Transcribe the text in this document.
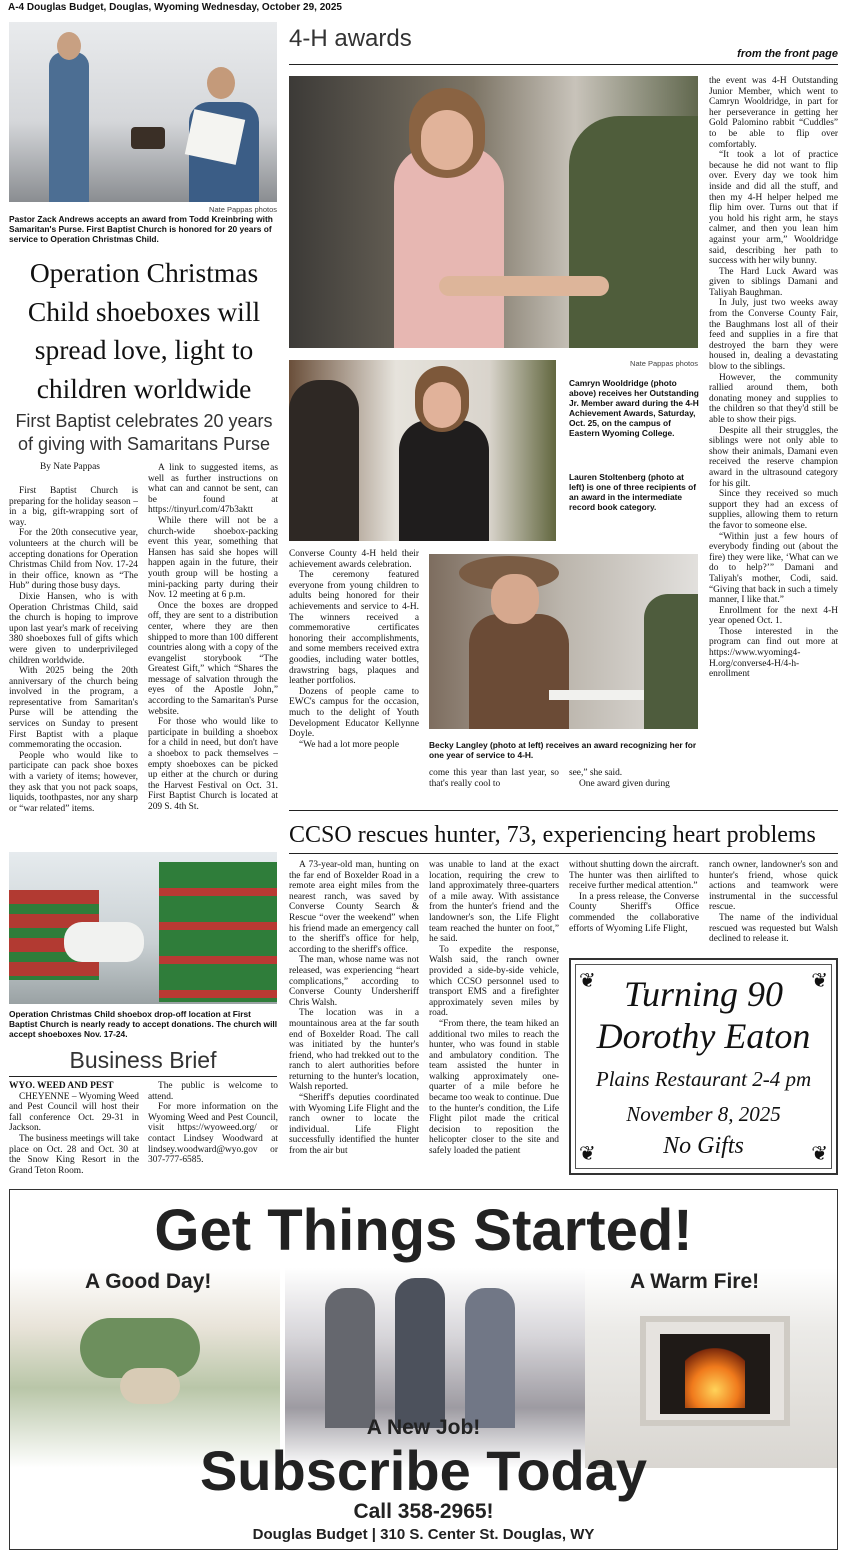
A-4 Douglas Budget, Douglas, Wyoming Wednesday, October 29, 2025
Nate Pappas photos
Pastor Zack Andrews accepts an award from Todd Kreinbring with Samaritan's Purse. First Baptist Church is honored for 20 years of service to Operation Christmas Child.
Operation Christmas Child shoeboxes will spread love, light to children worldwide
First Baptist celebrates 20 years of giving with Samaritans Purse
By Nate Pappas

First Baptist Church is preparing for the holiday season – in a big, gift-wrapping sort of way.

For the 20th consecutive year, volunteers at the church will be accepting donations for Operation Christmas Child from Nov. 17-24 in their office, known as “The Hub” during those busy days.

Dixie Hansen, who is with Operation Christmas Child, said the church is hoping to improve upon last year's mark of receiving 380 shoeboxes full of gifts which were given to underprivileged children worldwide.

With 2025 being the 20th anniversary of the church being involved in the program, a representative from Samaritan's Purse will be attending the services on Sunday to present First Baptist with a plaque commemorating the occasion.

People who would like to participate can pack shoe boxes with a variety of items; however, they ask that you not pack soaps, liquids, toothpastes, nor any sharp or “war related” items.

A link to suggested items, as well as further instructions on what can and cannot be sent, can be found at https://tinyurl.com/47b3aktt

While there will not be a church-wide shoebox-packing event this year, something that Hansen has said she hopes will happen again in the future, their youth group will be hosting a mini-packing party during their Nov. 12 meeting at 6 p.m.

Once the boxes are dropped off, they are sent to a distribution center, where they are then shipped to more than 100 different countries along with a copy of the evangelist storybook “The Greatest Gift,” which “Shares the message of salvation through the eyes of the Apostle John,” according to the Samaritan's Purse website.

For those who would like to participate in building a shoebox for a child in need, but don't have a shoebox to pack themselves – empty shoeboxes can be picked up either at the church or during the Harvest Festival on Oct. 31. First Baptist Church is located at 209 S. 4th St.

Operation Christmas Child shoebox drop-off location at First Baptist Church is nearly ready to accept donations. The church will accept shoeboxes Nov. 17-24.
Business Brief
WYO. WEED AND PEST

CHEYENNE – Wyoming Weed and Pest Council will host their fall conference Oct. 29-31 in Jackson.

The business meetings will take place on Oct. 28 and Oct. 30 at the Snow King Resort in the Grand Teton Room.

The public is welcome to attend.

For more information on the Wyoming Weed and Pest Council, visit https://wyoweed.org/ or contact Lindsey Woodward at lindsey.woodward@wyo.gov or 307-777-6585.

4-H awards
from the front page
Nate Pappas photos
Camryn Wooldridge (photo above) receives her Outstanding Jr. Member award during the 4-H Achievement Awards, Saturday, Oct. 25, on the campus of Eastern Wyoming College.
Lauren Stoltenberg (photo at left) is one of three recipients of an award in the intermediate record book category.

Converse County 4-H held their achievement awards celebration.

The ceremony featured everyone from young children to adults being honored for their achievements and service to 4-H. The winners received a commemorative certificates honoring their accomplishments, and some members received extra goodies, including water bottles, drawstring bags, plaques and leather portfolios.

Dozens of people came to EWC's campus for the occasion, much to the delight of Youth Development Educator Kellynne Doyle.

“We had a lot more people	Becky Langley (photo at left) receives an award recognizing her for one year of service to 4-H.

come this year than last year, so that's really cool to

see,” she said.

One award given during

the event was 4-H Outstanding Junior Member, which went to Camryn Wooldridge, in part for her perseverance in getting her Gold Palomino rabbit “Cuddles” to be able to flip over comfortably.

“It took a lot of practice because he did not want to flip over. Every day we took him inside and did all the stuff, and then my 4-H helper helped me flip him over. Turns out that if you hold his right arm, he stays calmer, and then you lean him against your arm,” Wooldridge said, describing her path to success with her wily bunny.

The Hard Luck Award was given to siblings Damani and Taliyah Baughman.

In July, just two weeks away from the Converse County Fair, the Baughmans lost all of their feed and supplies in a fire that destroyed the barn they were housed in, dealing a devastating blow to the siblings.

However, the community rallied around them, both donating money and supplies to the children so that they'd still be able to show their pigs.

Despite all their struggles, the siblings were not only able to show their animals, Damani even received the reserve champion award in the ultrasound category for his gilt.

Since they received so much support they had an excess of supplies, allowing them to return the favor to someone else.

“Within just a few hours of everybody finding out (about the fire) they were like, ‘What can we do to help?’” Damani and Taliyah's mother, Codi, said. “Giving that back in such a timely manner, I like that.”

Enrollment for the next 4-H year opened Oct. 1.

Those interested in the program can find out more at https://www.wyoming4-H.org/converse4-H/4-h-enrollment

CCSO rescues hunter, 73, experiencing heart problems

A 73-year-old man, hunting on the far end of Boxelder Road in a remote area eight miles from the nearest ranch, was saved by Converse County Search & Rescue “over the weekend” when his friend made an emergency call to the sheriff's office for help, according to the sheriff's office.

The man, whose name was not released, was experiencing “heart complications,” according to Converse County Undersheriff Chris Walsh.

The location was in a mountainous area at the far south end of Boxelder Road. The call was initiated by the hunter's friend, who had trekked out to the ranch to alert authorities before returning to the hunter's location, Walsh reported.

“Sheriff's deputies coordinated with Wyoming Life Flight and the ranch owner to locate the individual. Life Flight successfully identified the hunter from the air but

was unable to land at the exact location, requiring the crew to land approximately three-quarters of a mile away. With assistance from the hunter's friend and the landowner's son, the Life Flight team reached the hunter on foot,” he said.

To expedite the response, Walsh said, the ranch owner provided a side-by-side vehicle, which CCSO personnel used to transport EMS and a firefighter approximately seven miles by road.

“From there, the team hiked an additional two miles to reach the hunter, who was found in stable and ambulatory condition. The team assisted the hunter in walking approximately one-quarter of a mile before he became too weak to continue. Due to the hunter's condition, the Life Flight pilot made the critical decision to reposition the helicopter closer to the site and safely loaded the patient

without shutting down the aircraft. The hunter was then airlifted to receive further medical attention.”

In a press release, the Converse County Sheriff's Office commended the collaborative efforts of Wyoming Life Flight,

ranch owner, landowner's son and hunter's friend, whose quick actions and teamwork were instrumental in the successful rescue.

The name of the individual rescued was requested but Walsh declined to release it.

❦	❦
❦	❦
Turning 90
Dorothy Eaton
Plains Restaurant 2-4 pm
November 8, 2025
No Gifts
Get Things Started!
A Good Day!	A Warm Fire!
A New Job!
Subscribe Today
Call 358-2965!
Douglas Budget | 310 S. Center St. Douglas, WY
